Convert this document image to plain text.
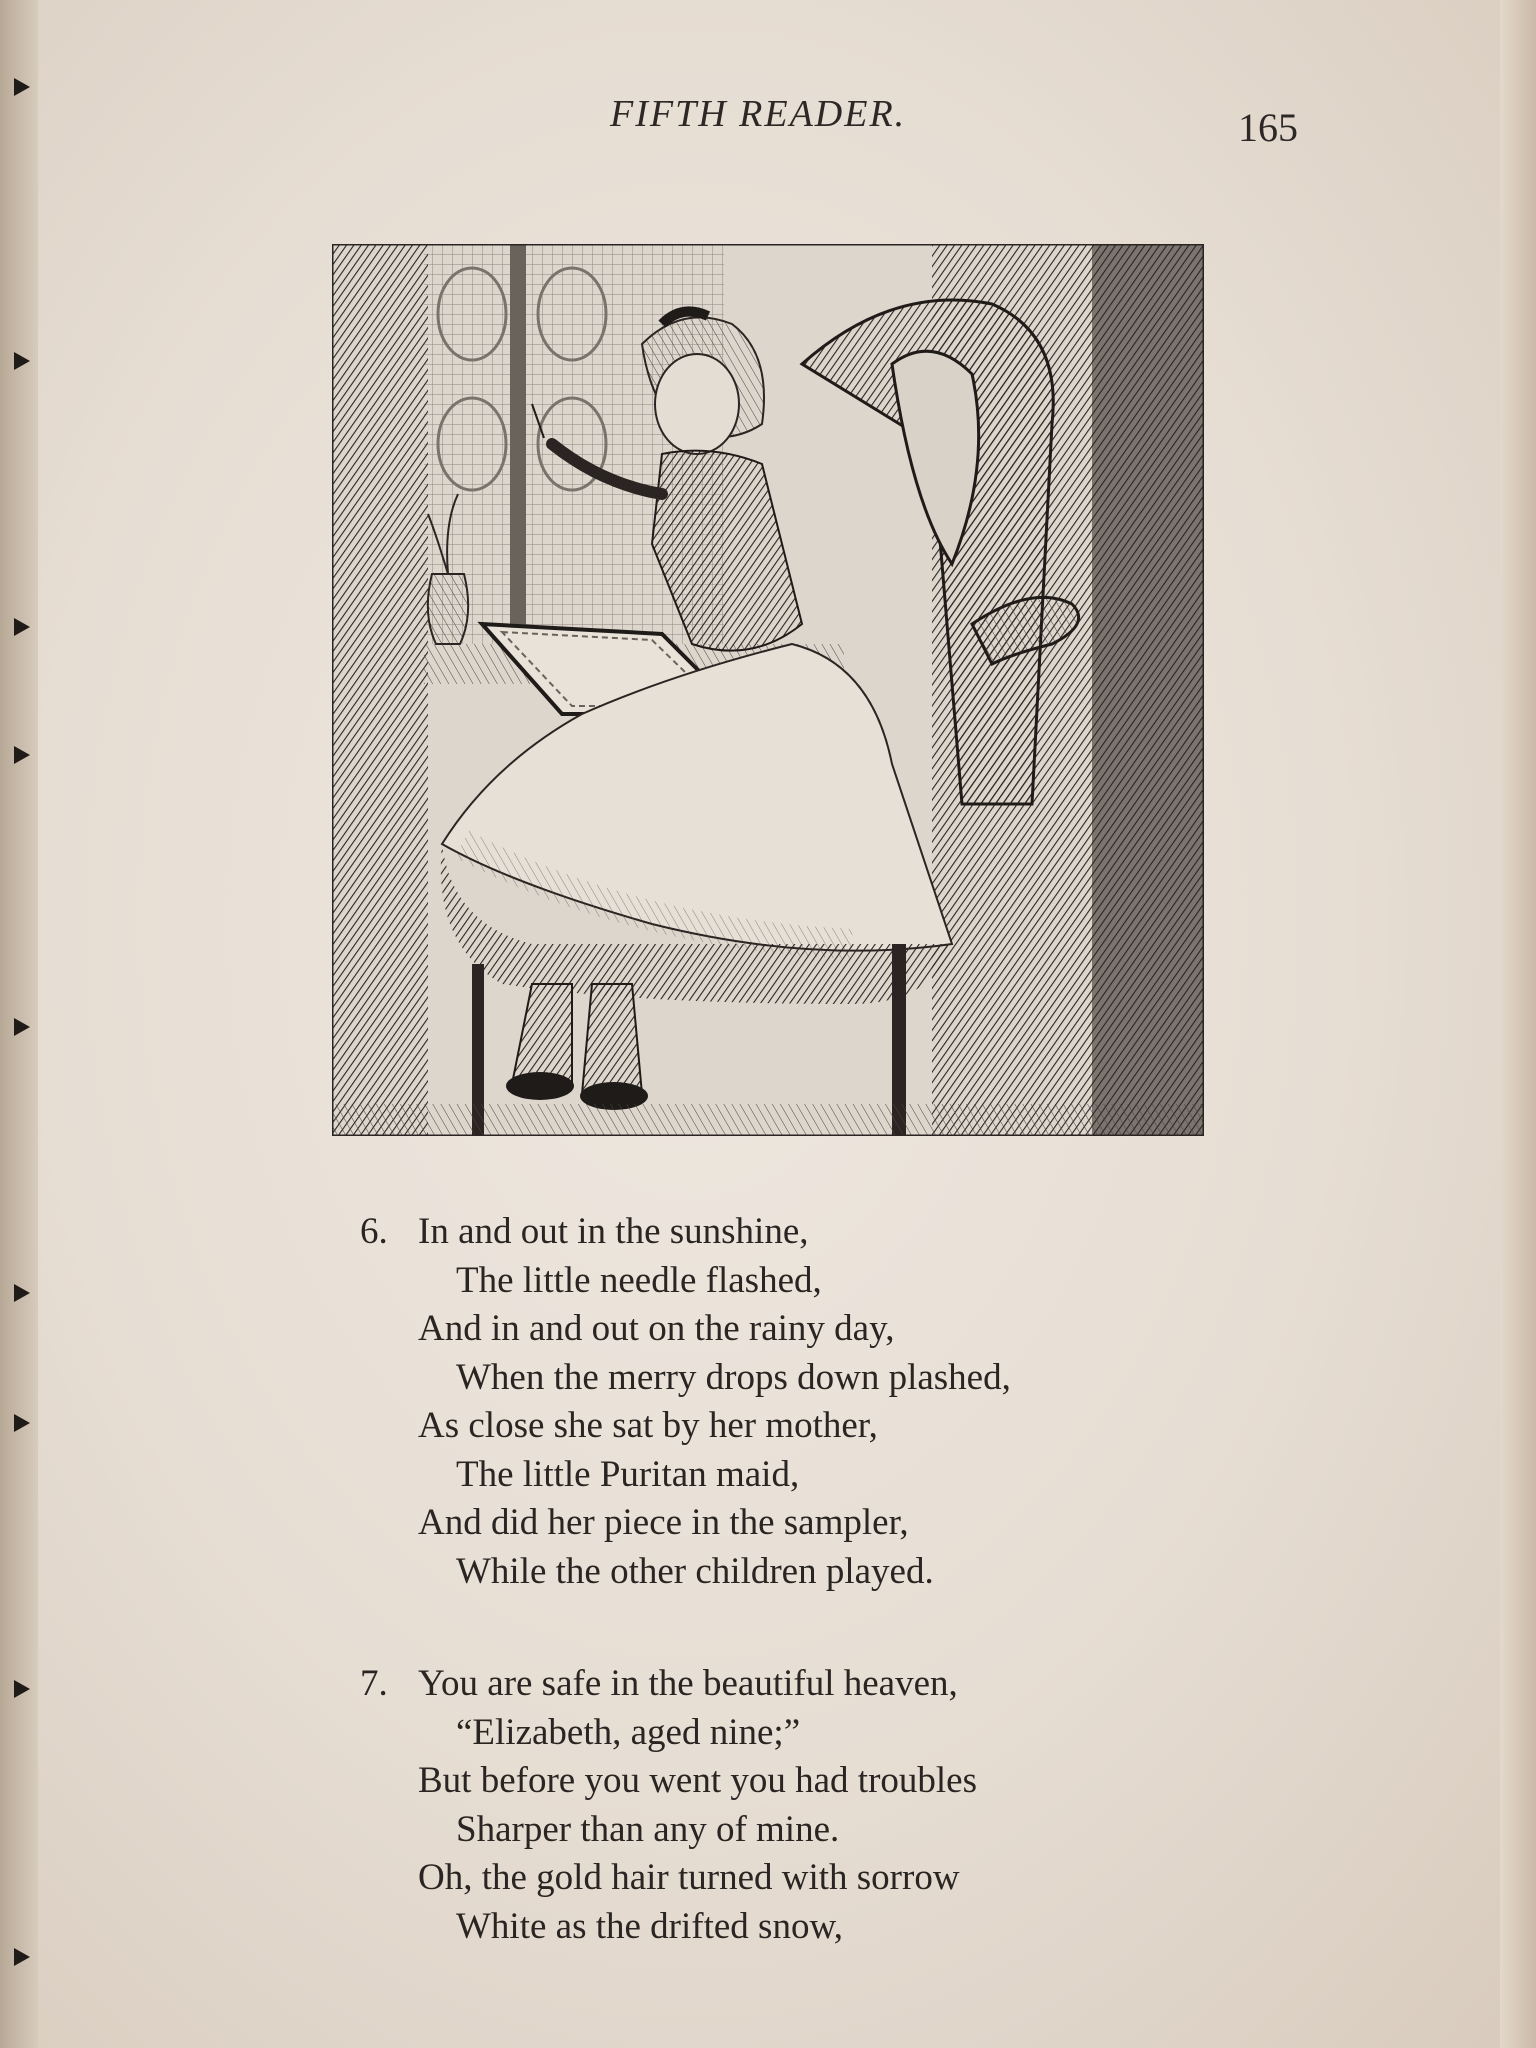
FIFTH READER.	165
6. In and out in the sunshine,
The little needle flashed,
And in and out on the rainy day,
When the merry drops down plashed,
As close she sat by her mother,
The little Puritan maid,
And did her piece in the sampler,
While the other children played.
7. You are safe in the beautiful heaven,
“Elizabeth, aged nine;”
But before you went you had troubles
Sharper than any of mine.
Oh, the gold hair turned with sorrow
White as the drifted snow,
